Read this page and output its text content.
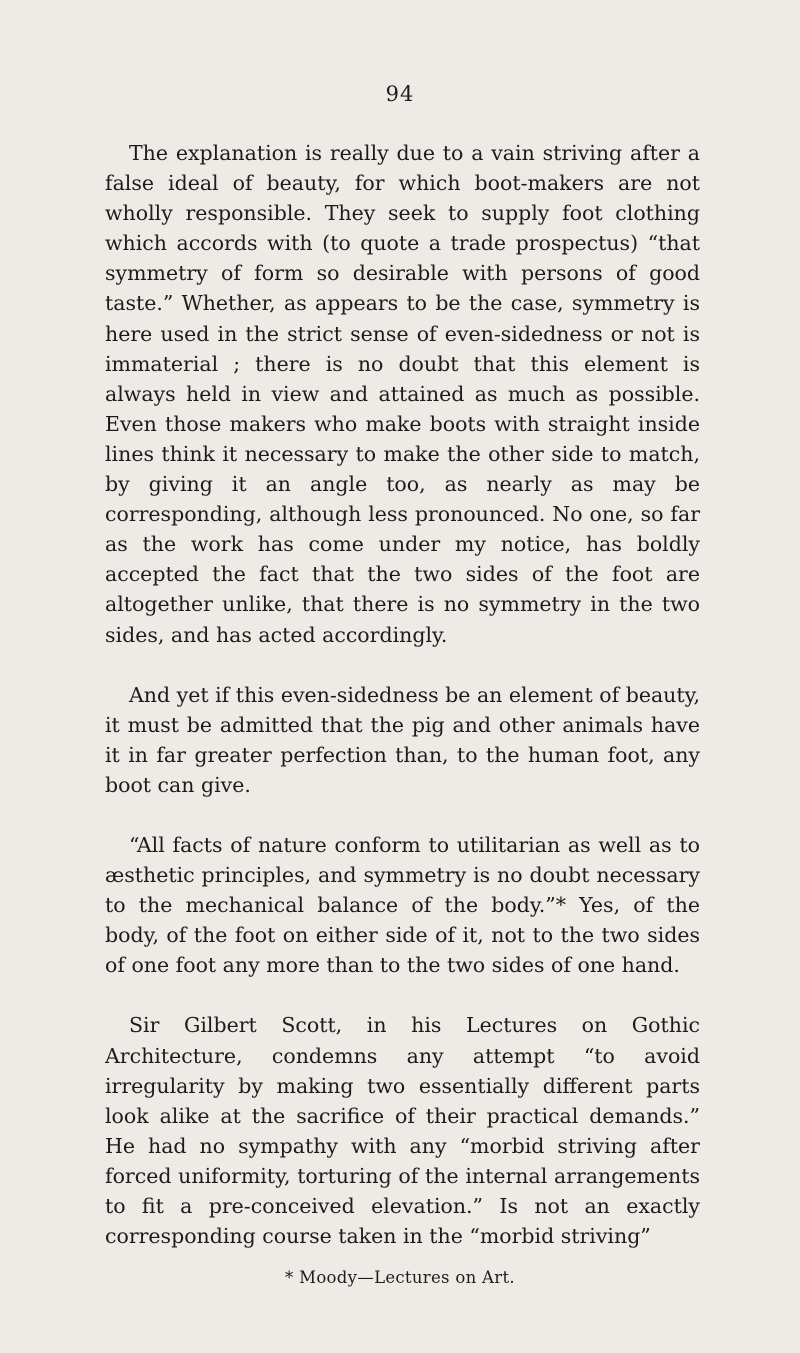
94

The explanation is really due to a vain striving after a false ideal of beauty, for which boot-makers are not wholly responsible. They seek to supply foot clothing which accords with (to quote a trade prospectus) “that symmetry of form so desirable with persons of good taste.” Whether, as appears to be the case, symmetry is here used in the strict sense of even-sidedness or not is immaterial ; there is no doubt that this element is always held in view and attained as much as possible. Even those makers who make boots with straight inside lines think it necessary to make the other side to match, by giving it an angle too, as nearly as may be corresponding, although less pronounced. No one, so far as the work has come under my notice, has boldly accepted the fact that the two sides of the foot are altogether unlike, that there is no symmetry in the two sides, and has acted accordingly.

And yet if this even-sidedness be an element of beauty, it must be admitted that the pig and other animals have it in far greater perfection than, to the human foot, any boot can give.

“All facts of nature conform to utilitarian as well as to æsthetic principles, and symmetry is no doubt necessary to the mechanical balance of the body.”* Yes, of the body, of the foot on either side of it, not to the two sides of one foot any more than to the two sides of one hand.

Sir Gilbert Scott, in his Lectures on Gothic Architecture, condemns any attempt “to avoid irregularity by making two essentially different parts look alike at the sacrifice of their practical demands.” He had no sympathy with any “morbid striving after forced uniformity, torturing of the internal arrangements to fit a pre-conceived elevation.” Is not an exactly corresponding course taken in the “morbid striving”

* Moody—Lectures on Art.
